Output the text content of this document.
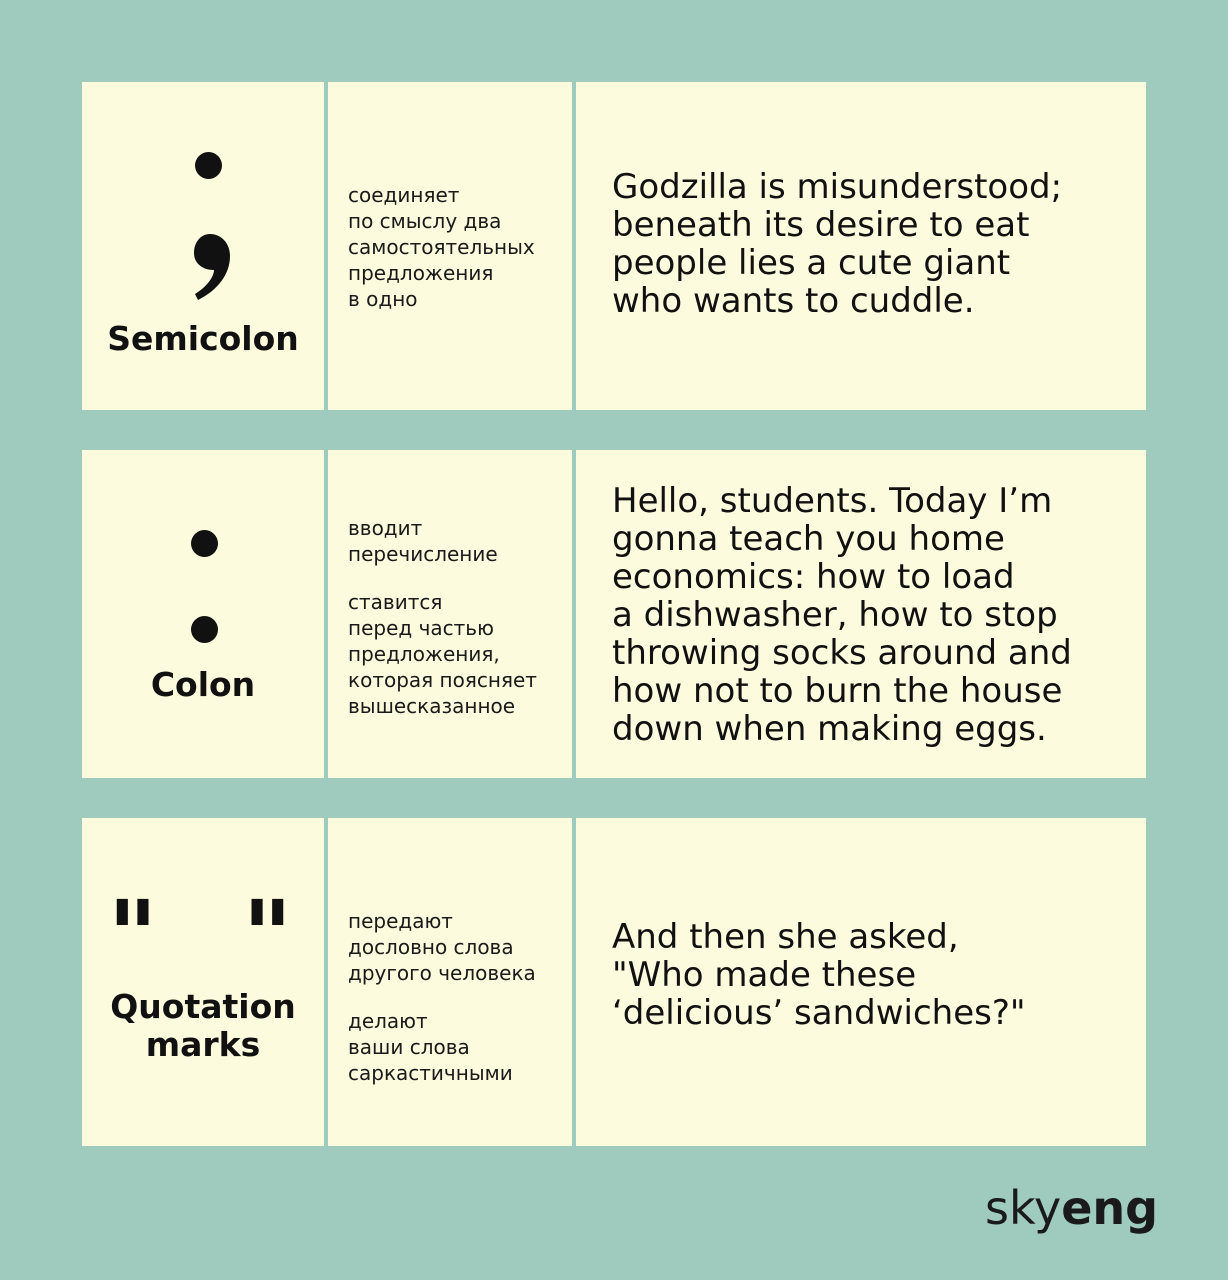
Semicolon

соединяет
по смыслу два
самостоятельных
предложения
в одно

Godzilla is misunderstood;
beneath its desire to eat
people lies a cute giant
who wants to cuddle.
Colon

вводит
перечисление

ставится
перед частью
предложения,
которая поясняет
вышесказанное

Hello, students. Today I’m
gonna teach you home
economics: how to load
a dishwasher, how to stop
throwing socks around and
how not to burn the house
down when making eggs.
"  "
Quotation
marks

передают
дословно слова
другого человека

делают
ваши слова
саркастичными

And then she asked,
"Who made these
‘delicious’ sandwiches?"
skyeng
